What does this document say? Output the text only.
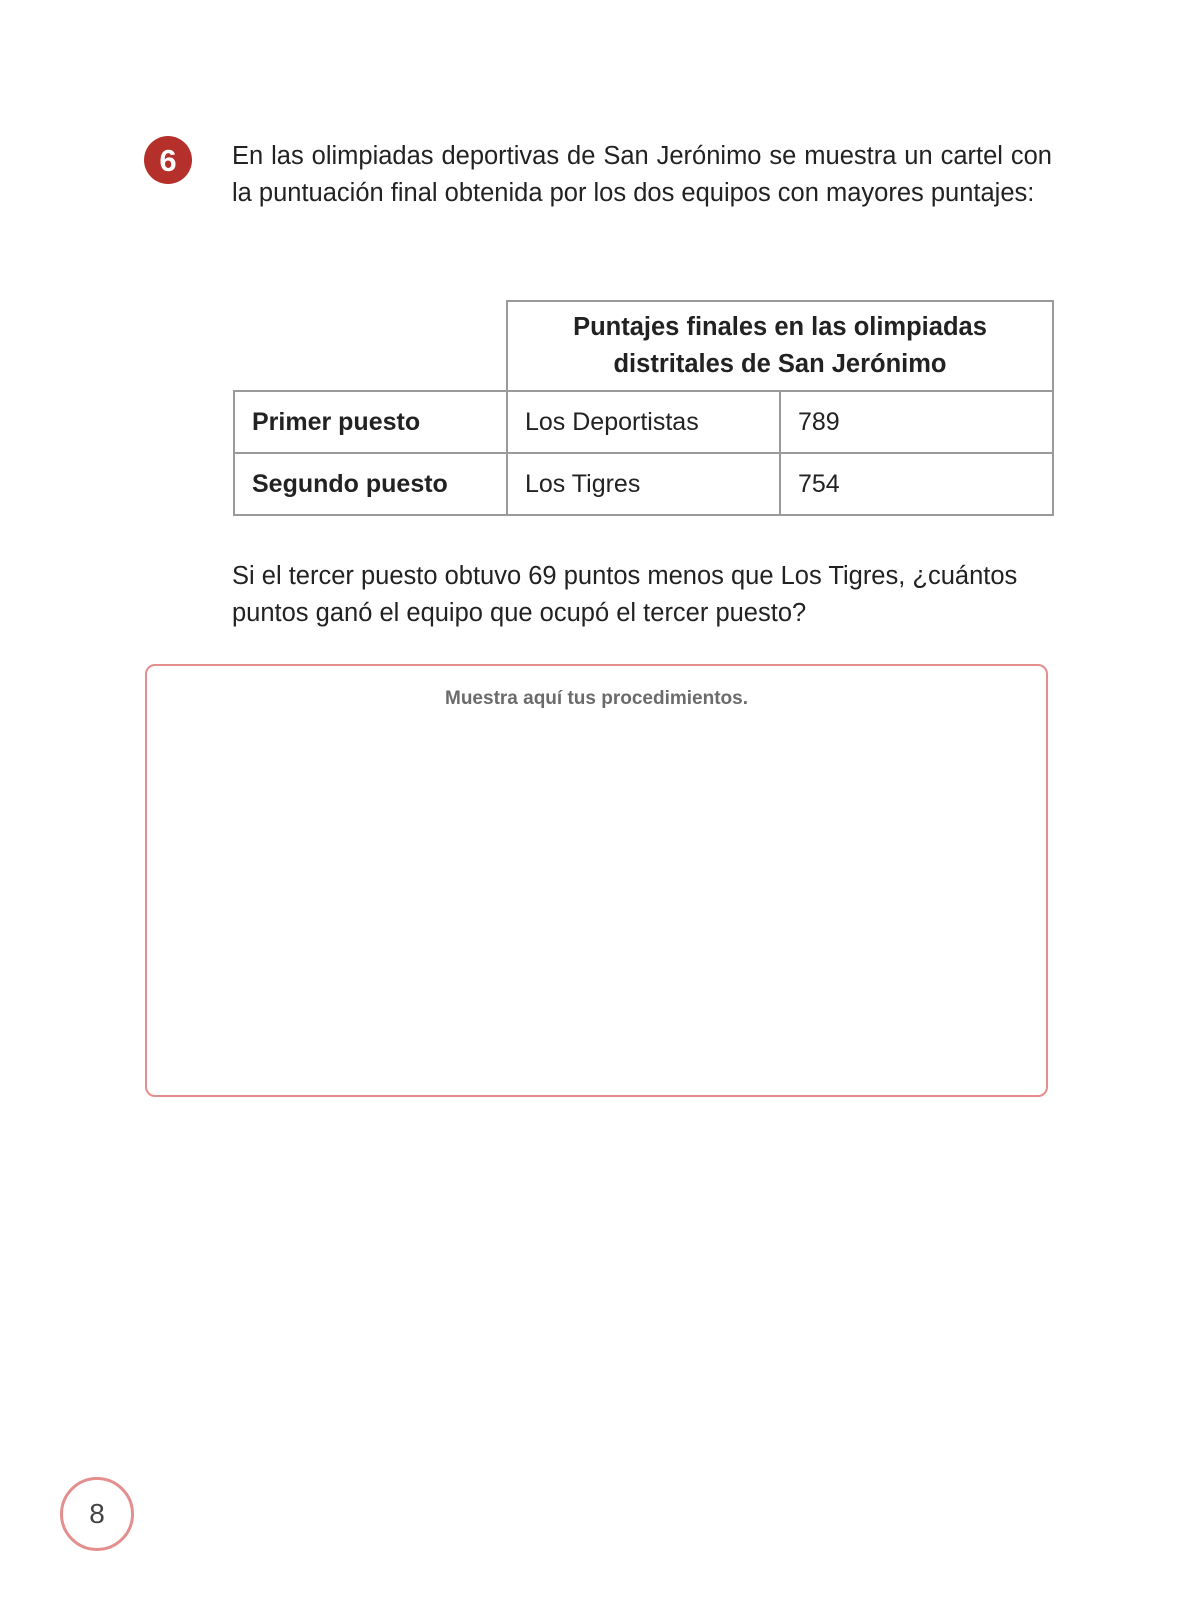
6	En las olimpiadas deportivas de San Jerónimo se muestra un cartel con la puntuación final obtenida por los dos equipos con mayores puntajes:

	Puntajes finales en las olimpiadas distritales de San Jerónimo	
Primer puesto	Los Deportistas	789
Segundo puesto	Los Tigres	754

Si el tercer puesto obtuvo 69 puntos menos que Los Tigres, ¿cuántos puntos ganó el equipo que ocupó el tercer puesto?

Muestra aquí tus procedimientos.
8
